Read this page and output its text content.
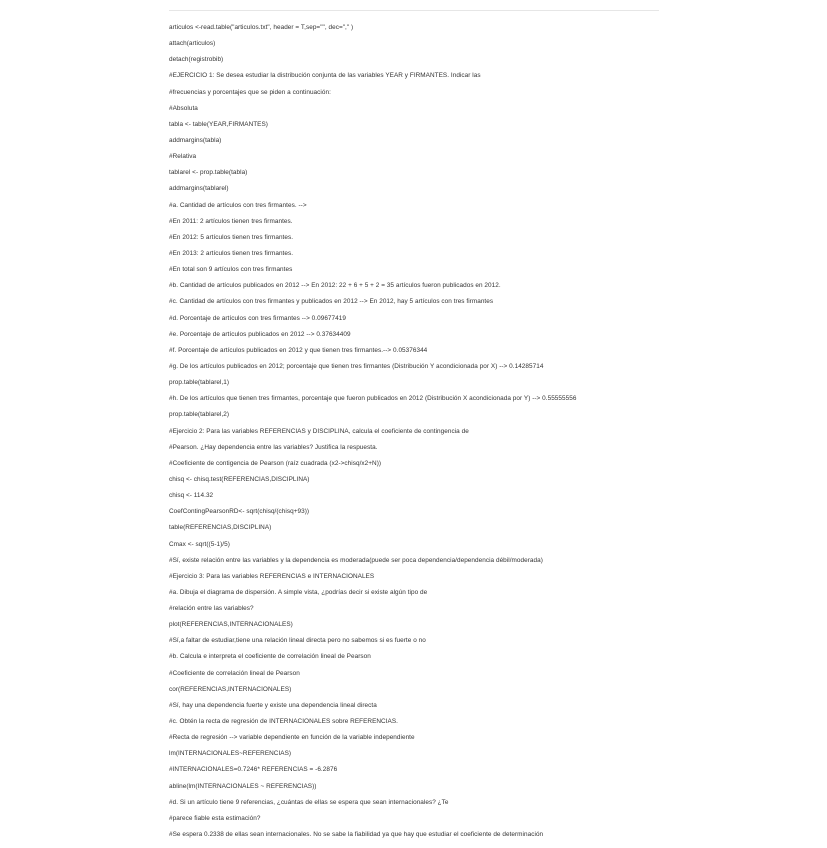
articulos <-read.table("articulos.txt", header = T,sep="", dec="," )
attach(articulos)
detach(registrobib)
#EJERCICIO 1: Se desea estudiar la distribución conjunta de las variables YEAR y FIRMANTES. Indicar las
#frecuencias y porcentajes que se piden a continuación:
#Absoluta
tabla <- table(YEAR,FIRMANTES)
addmargins(tabla)
#Relativa
tablarel <- prop.table(tabla)
addmargins(tablarel)
#a. Cantidad de artículos con tres firmantes. -->
#En 2011: 2 artículos tienen tres firmantes.
#En 2012: 5 artículos tienen tres firmantes.
#En 2013: 2 artículos tienen tres firmantes.
#En total son 9 artículos con tres firmantes
#b. Cantidad de artículos publicados en 2012 --> En 2012: 22 + 6 + 5 + 2 = 35 artículos fueron publicados en 2012.
#c. Cantidad de artículos con tres firmantes y publicados en 2012 --> En 2012, hay 5 artículos con tres firmantes
#d. Porcentaje de artículos con tres firmantes --> 0.09677419
#e. Porcentaje de artículos publicados en 2012 --> 0.37634409
#f. Porcentaje de artículos publicados en 2012 y que tienen tres firmantes.--> 0.05376344
#g. De los artículos publicados en 2012; porcentaje que tienen tres firmantes (Distribución Y acondicionada por X) --> 0.14285714
prop.table(tablarel,1)
#h. De los artículos que tienen tres firmantes, porcentaje que fueron publicados en 2012 (Distribución X acondicionada por Y) --> 0.55555556
prop.table(tablarel,2)
#Ejercicio 2: Para las variables REFERENCIAS y DISCIPLINA, calcula el coeficiente de contingencia de
#Pearson. ¿Hay dependencia entre las variables? Justifica la respuesta.
#Coeficiente de contigencia de Pearson (raíz cuadrada (x2->chisq/x2+N))
chisq <- chisq.test(REFERENCIAS,DISCIPLINA)
chisq <- 114.32
CoefContingPearsonRD<- sqrt(chisq/(chisq+93))
table(REFERENCIAS,DISCIPLINA)
Cmax <- sqrt((5-1)/5)
#Sí, existe relación entre las variables y la dependencia es moderada(puede ser poca dependencia/dependencia débil/moderada)
#Ejercicio 3: Para las variables REFERENCIAS e INTERNACIONALES
#a. Dibuja el diagrama de dispersión. A simple vista, ¿podrías decir si existe algún tipo de
#relación entre las variables?
plot(REFERENCIAS,INTERNACIONALES)
#Sí,a faltar de estudiar,tiene una relación lineal directa pero no sabemos si es fuerte o no
#b. Calcula e interpreta el coeficiente de correlación lineal de Pearson
#Coeficiente de correlación lineal de Pearson
cor(REFERENCIAS,INTERNACIONALES)
#Sí, hay una dependencia fuerte y existe una dependencia lineal directa
#c. Obtén la recta de regresión de INTERNACIONALES sobre REFERENCIAS.
#Recta de regresión --> variable dependiente en función de la variable independiente
lm(INTERNACIONALES~REFERENCIAS)
#INTERNACIONALES=0.7246* REFERENCIAS = -6.2876
abline(lm(INTERNACIONALES ~ REFERENCIAS))
#d. Si un artículo tiene 9 referencias, ¿cuántas de ellas se espera que sean internacionales? ¿Te
#parece fiable esta estimación?
#Se espera 0.2338 de ellas sean internacionales. No se sabe la fiabilidad ya que hay que estudiar el coeficiente de determinación
